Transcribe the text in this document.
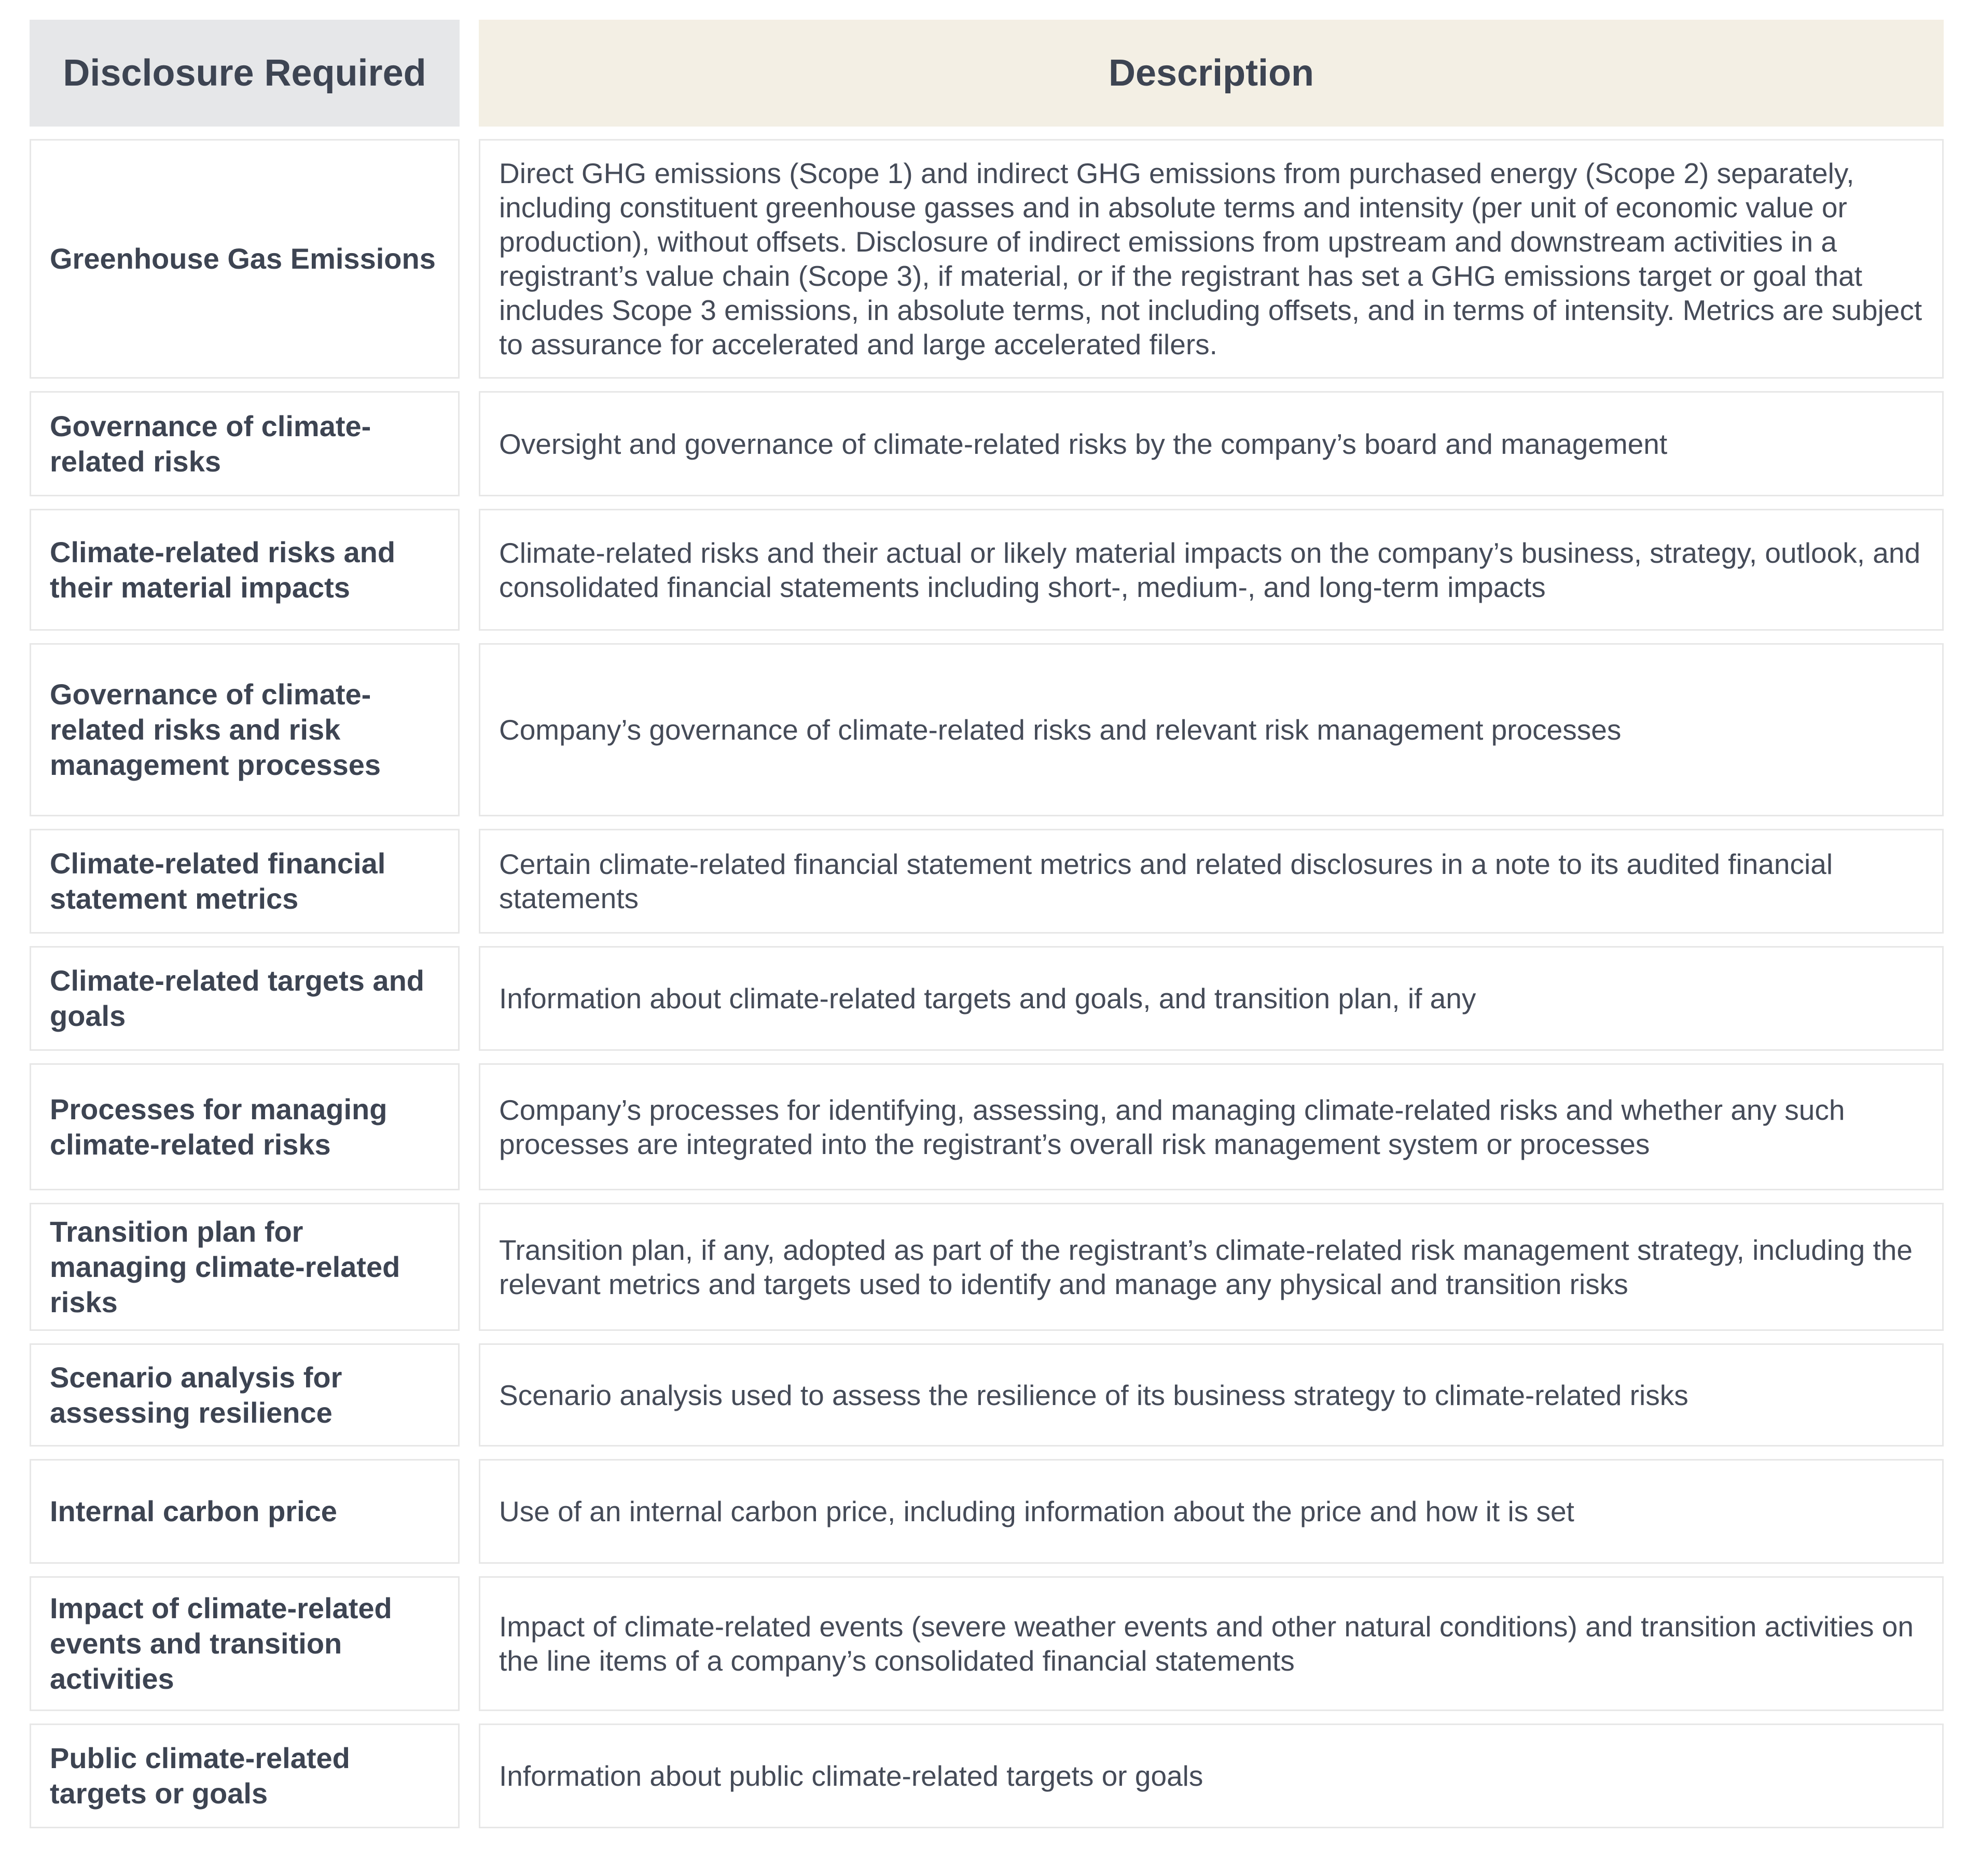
Disclosure Required	Description
Greenhouse Gas Emissions
Direct GHG emissions (Scope 1) and indirect GHG emissions from purchased energy (Scope 2) separately, including constituent greenhouse gasses and in absolute terms and intensity (per unit of economic value or production), without offsets. Disclosure of indirect emissions from upstream and downstream activities in a registrant’s value chain (Scope 3), if material, or if the registrant has set a GHG emissions target or goal that includes Scope 3 emissions, in absolute terms, not including offsets, and in terms of intensity. Metrics are subject to assurance for accelerated and large accelerated filers.
Governance of climate-related risks
Oversight and governance of climate-related risks by the company’s board and management
Climate-related risks and their material impacts
Climate-related risks and their actual or likely material impacts on the company’s business, strategy, outlook, and consolidated financial statements including short-, medium-, and long-term impacts
Governance of climate-related risks and risk management processes
Company’s governance of climate-related risks and relevant risk management processes
Climate-related financial statement metrics
Certain climate-related financial statement metrics and related disclosures in a note to its audited financial statements
Climate-related targets and goals
Information about climate-related targets and goals, and transition plan, if any
Processes for managing climate-related risks
Company’s processes for identifying, assessing, and managing climate-related risks and whether any such processes are integrated into the registrant’s overall risk management system or processes
Transition plan for managing climate-related risks
Transition plan, if any, adopted as part of the registrant’s climate-related risk management strategy, including the relevant metrics and targets used to identify and manage any physical and transition risks
Scenario analysis for assessing resilience
Scenario analysis used to assess the resilience of its business strategy to climate-related risks
Internal carbon price	Use of an internal carbon price, including information about the price and how it is set
Impact of climate-related events and transition activities
Impact of climate-related events (severe weather events and other natural conditions) and transition activities on the line items of a company’s consolidated financial statements
Public climate-related targets or goals
Information about public climate-related targets or goals
